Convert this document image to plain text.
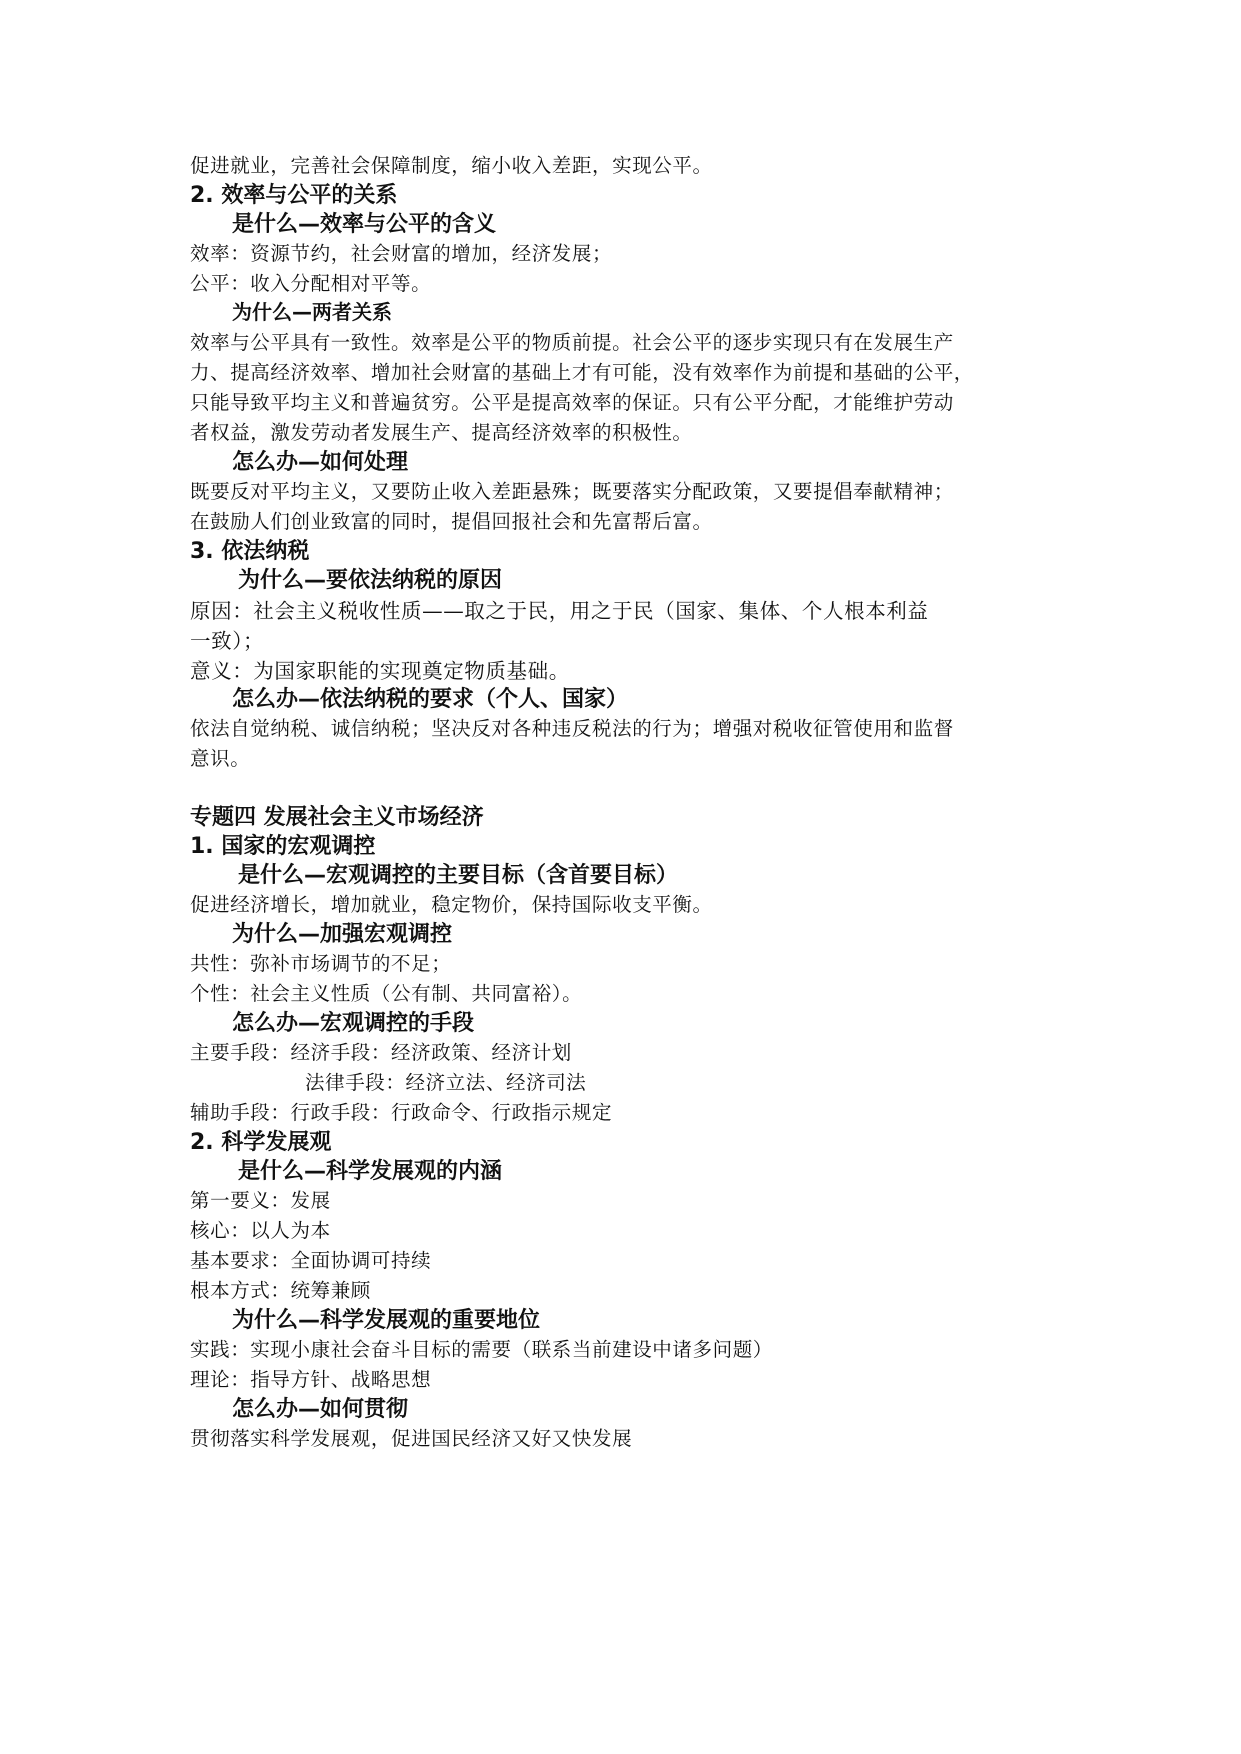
促进就业，完善社会保障制度，缩小收入差距，实现公平。
2. 效率与公平的关系
是什么—效率与公平的含义
效率：资源节约，社会财富的增加，经济发展；
公平：收入分配相对平等。
为什么—两者关系
效率与公平具有一致性。效率是公平的物质前提。社会公平的逐步实现只有在发展生产
力、提高经济效率、增加社会财富的基础上才有可能，没有效率作为前提和基础的公平，
只能导致平均主义和普遍贫穷。公平是提高效率的保证。只有公平分配，才能维护劳动
者权益，激发劳动者发展生产、提高经济效率的积极性。
怎么办—如何处理
既要反对平均主义，又要防止收入差距悬殊；既要落实分配政策，又要提倡奉献精神；
在鼓励人们创业致富的同时，提倡回报社会和先富帮后富。
3. 依法纳税
为什么—要依法纳税的原因
原因：社会主义税收性质——取之于民，用之于民（国家、集体、个人根本利益
一致）；
意义：为国家职能的实现奠定物质基础。
怎么办—依法纳税的要求（个人、国家）
依法自觉纳税、诚信纳税；坚决反对各种违反税法的行为；增强对税收征管使用和监督
意识。
专题四 发展社会主义市场经济
1. 国家的宏观调控
是什么—宏观调控的主要目标（含首要目标）
促进经济增长，增加就业，稳定物价，保持国际收支平衡。
为什么—加强宏观调控
共性：弥补市场调节的不足；
个性：社会主义性质（公有制、共同富裕）。
怎么办—宏观调控的手段
主要手段：经济手段：经济政策、经济计划
法律手段：经济立法、经济司法
辅助手段：行政手段：行政命令、行政指示规定
2. 科学发展观
是什么—科学发展观的内涵
第一要义：发展
核心：以人为本
基本要求：全面协调可持续
根本方式：统筹兼顾
为什么—科学发展观的重要地位
实践：实现小康社会奋斗目标的需要（联系当前建设中诸多问题）
理论：指导方针、战略思想
怎么办—如何贯彻
贯彻落实科学发展观，促进国民经济又好又快发展
